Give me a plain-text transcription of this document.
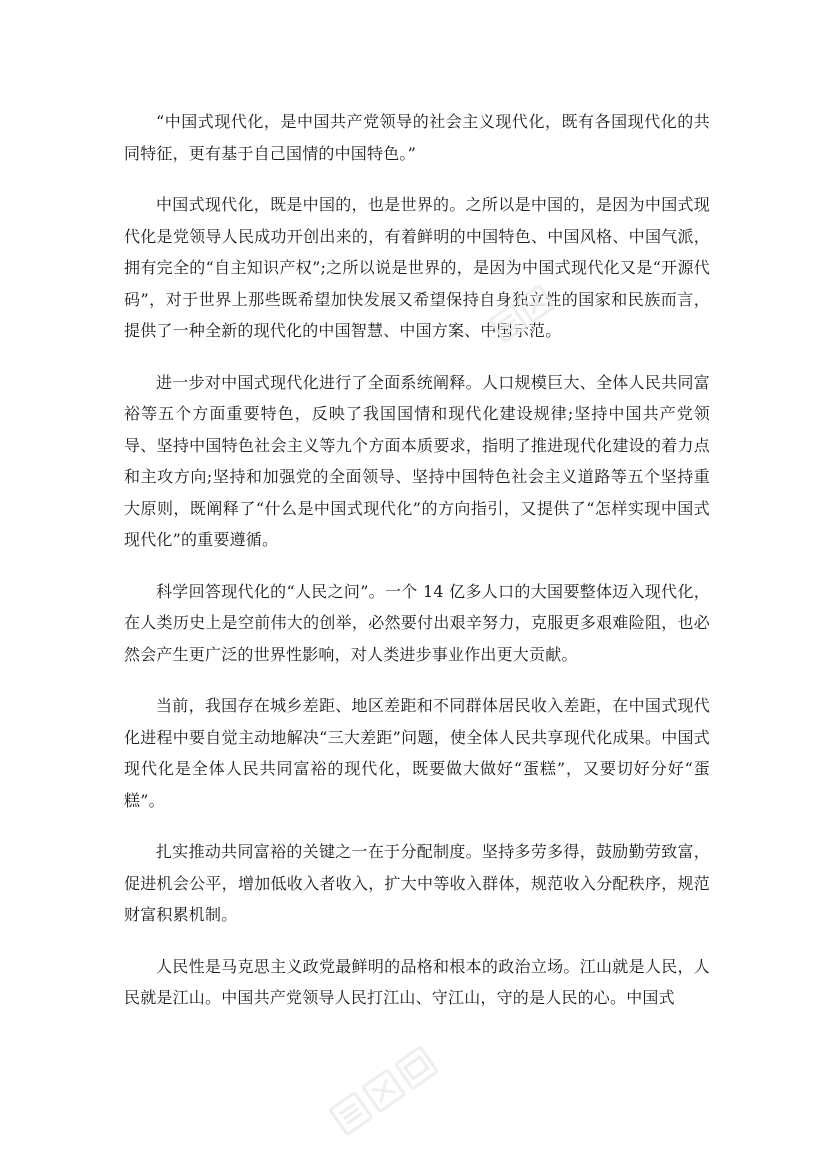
“中国式现代化，是中国共产党领导的社会主义现代化，既有各国现代化的共同特征，更有基于自己国情的中国特色。”

中国式现代化，既是中国的，也是世界的。之所以是中国的，是因为中国式现代化是党领导人民成功开创出来的，有着鲜明的中国特色、中国风格、中国气派，拥有完全的“自主知识产权”;之所以说是世界的，是因为中国式现代化又是“开源代码”，对于世界上那些既希望加快发展又希望保持自身独立性的国家和民族而言，提供了一种全新的现代化的中国智慧、中国方案、中国示范。

进一步对中国式现代化进行了全面系统阐释。人口规模巨大、全体人民共同富裕等五个方面重要特色，反映了我国国情和现代化建设规律;坚持中国共产党领导、坚持中国特色社会主义等九个方面本质要求，指明了推进现代化建设的着力点和主攻方向;坚持和加强党的全面领导、坚持中国特色社会主义道路等五个坚持重大原则，既阐释了“什么是中国式现代化”的方向指引，又提供了“怎样实现中国式现代化”的重要遵循。

科学回答现代化的“人民之问”。一个 14 亿多人口的大国要整体迈入现代化，在人类历史上是空前伟大的创举，必然要付出艰辛努力，克服更多艰难险阻，也必然会产生更广泛的世界性影响，对人类进步事业作出更大贡献。

当前，我国存在城乡差距、地区差距和不同群体居民收入差距，在中国式现代化进程中要自觉主动地解决“三大差距”问题，使全体人民共享现代化成果。中国式现代化是全体人民共同富裕的现代化，既要做大做好“蛋糕”，又要切好分好“蛋糕”。

扎实推动共同富裕的关键之一在于分配制度。坚持多劳多得，鼓励勤劳致富，促进机会公平，增加低收入者收入，扩大中等收入群体，规范收入分配秩序，规范财富积累机制。

人民性是马克思主义政党最鲜明的品格和根本的政治立场。江山就是人民，人民就是江山。中国共产党领导人民打江山、守江山，守的是人民的心。中国式
